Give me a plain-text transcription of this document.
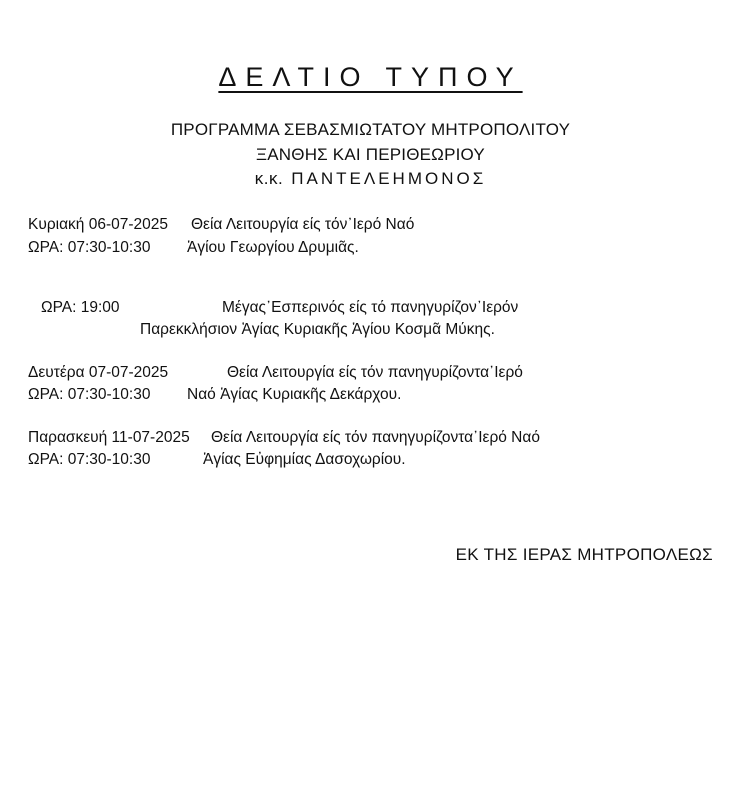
ΔΕΛΤΙΟ ΤΥΠΟΥ
ΠΡΟΓΡΑΜΜΑ ΣΕΒΑΣΜΙΩΤΑΤΟΥ ΜΗΤΡΟΠΟΛΙΤΟΥ
ΞΑΝΘΗΣ ΚΑΙ ΠΕΡΙΘΕΩΡΙΟΥ
κ.κ. ΠΑΝΤΕΛΕΗΜΟΝΟΣ
Κυριακή 06-07-2025 Θεία Λειτουργία είς τόν᾿Ιερό Ναό
ΩΡΑ: 07:30-10:30 Ἁγίου Γεωργίου Δρυμιᾶς.
ΩΡΑ: 19:00	Μέγας᾿Εσπερινός είς τό πανηγυρίζον᾿Ιερόν
Παρεκκλήσιον Ἁγίας Κυριακῆς Ἁγίου Κοσμᾶ Μύκης.
Δευτέρα 07-07-2025	Θεία Λειτουργία είς τόν πανηγυρίζοντα᾿Ιερό
ΩΡΑ: 07:30-10:30 Ναό Ἁγίας Κυριακῆς Δεκάρχου.
Παρασκευή 11-07-2025 Θεία Λειτουργία είς τόν πανηγυρίζοντα᾿Ιερό Ναό
ΩΡΑ: 07:30-10:30	Ἁγίας Εὐφημίας Δασοχωρίου.
ΕΚ ΤΗΣ ΙΕΡΑΣ ΜΗΤΡΟΠΟΛΕΩΣ
